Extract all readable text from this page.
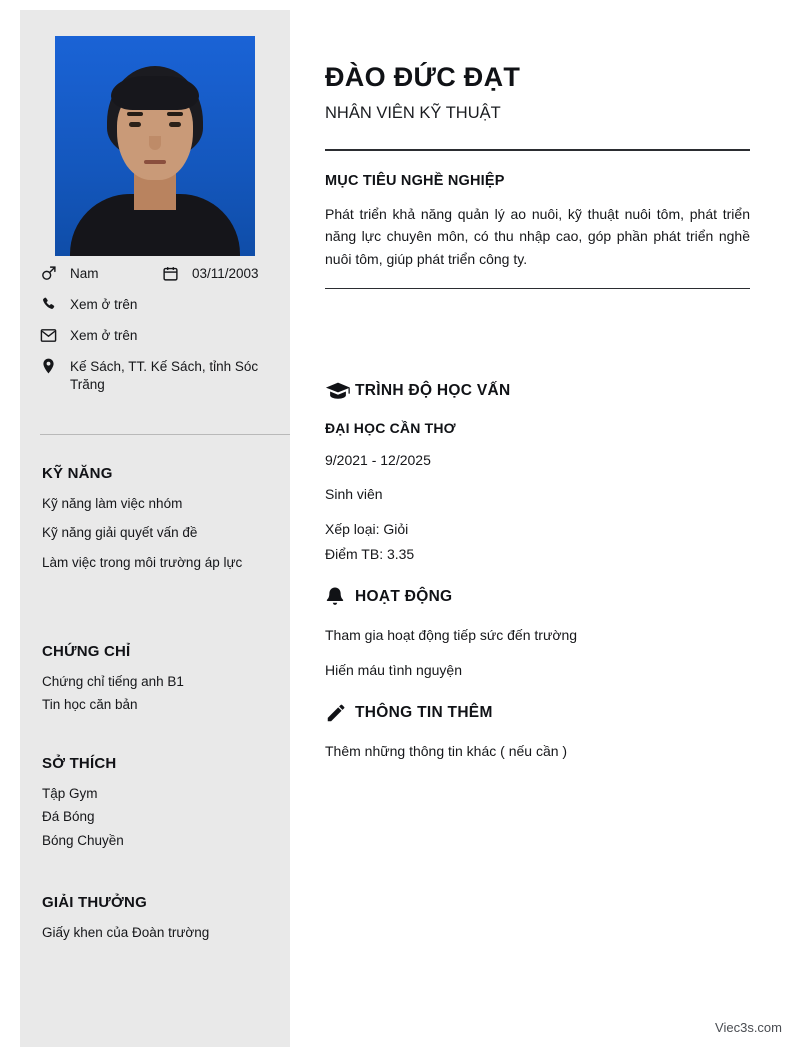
Nam	03/11/2003
Xem ở trên
Xem ở trên
Kế Sách, TT. Kế Sách, tỉnh Sóc Trăng
KỸ NĂNG
Kỹ năng làm việc nhóm
Kỹ năng giải quyết vấn đề
Làm việc trong môi trường áp lực
CHỨNG CHỈ
Chứng chỉ tiếng anh B1
Tin học căn bản
SỞ THÍCH
Tập Gym
Đá Bóng
Bóng Chuyền
GIẢI THƯỞNG
Giấy khen của Đoàn trường
ĐÀO ĐỨC ĐẠT
NHÂN VIÊN KỸ THUẬT
MỤC TIÊU NGHỀ NGHIỆP
Phát triển khả năng quản lý ao nuôi, kỹ thuật nuôi tôm, phát triển năng lực chuyên môn, có thu nhập cao, góp phần phát triển nghề nuôi tôm, giúp phát triển công ty.
TRÌNH ĐỘ HỌC VẤN
ĐẠI HỌC CẦN THƠ
9/2021 - 12/2025
Sinh viên
Xếp loại: Giỏi
Điểm TB: 3.35
HOẠT ĐỘNG
Tham gia hoạt động tiếp sức đến trường
Hiến máu tình nguyện
THÔNG TIN THÊM
Thêm những thông tin khác ( nếu cần )
Viec3s.com
